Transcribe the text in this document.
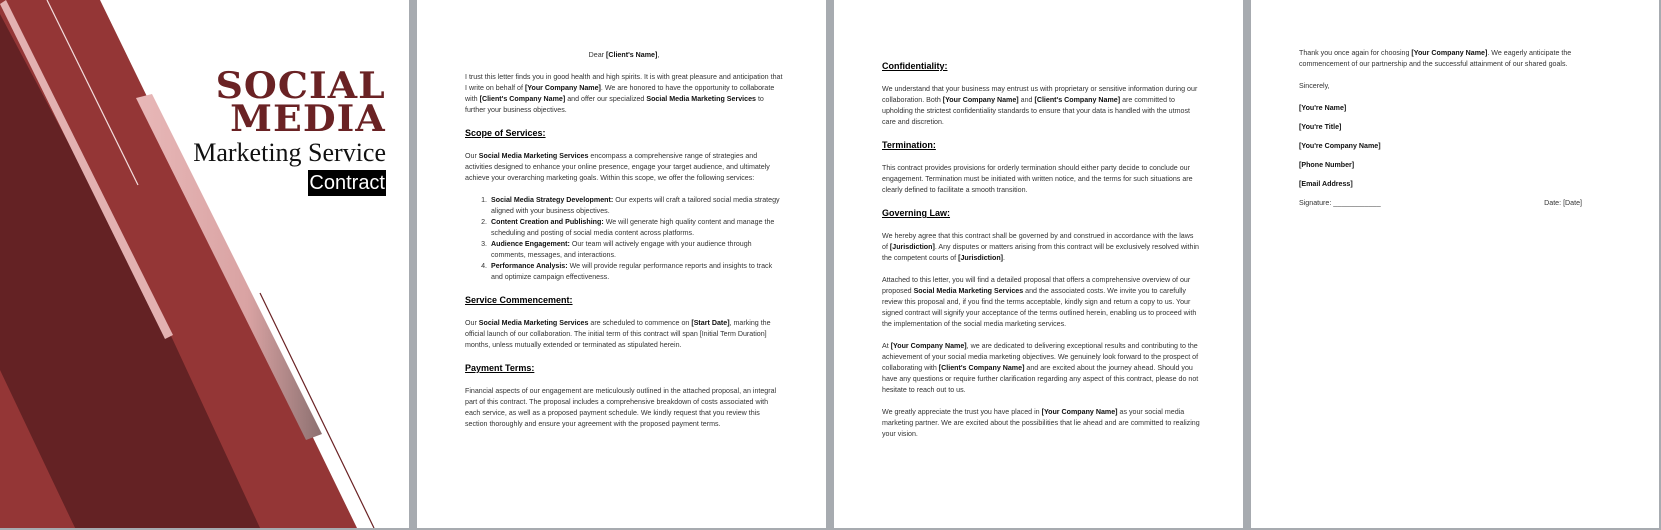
SOCIAL
MEDIA
Marketing Service
Contract

Dear [Client's Name],

I trust this letter finds you in good health and high spirits. It is with great pleasure and anticipation that I write on behalf of [Your Company Name]. We are honored to have the opportunity to collaborate with [Client's Company Name] and offer our specialized Social Media Marketing Services to further your business objectives.

Scope of Services:

Our Social Media Marketing Services encompass a comprehensive range of strategies and activities designed to enhance your online presence, engage your target audience, and ultimately achieve your overarching marketing goals. Within this scope, we offer the following services:

1. Social Media Strategy Development: Our experts will craft a tailored social media strategy aligned with your business objectives.
2. Content Creation and Publishing: We will generate high quality content and manage the scheduling and posting of social media content across platforms.
3. Audience Engagement: Our team will actively engage with your audience through comments, messages, and interactions.
4. Performance Analysis: We will provide regular performance reports and insights to track and optimize campaign effectiveness.
Service Commencement:

Our Social Media Marketing Services are scheduled to commence on [Start Date], marking the official launch of our collaboration. The initial term of this contract will span [Initial Term Duration] months, unless mutually extended or terminated as stipulated herein.

Payment Terms:

Financial aspects of our engagement are meticulously outlined in the attached proposal, an integral part of this contract. The proposal includes a comprehensive breakdown of costs associated with each service, as well as a proposed payment schedule. We kindly request that you review this section thoroughly and ensure your agreement with the proposed payment terms.

Confidentiality:

We understand that your business may entrust us with proprietary or sensitive information during our collaboration. Both [Your Company Name] and [Client's Company Name] are committed to upholding the strictest confidentiality standards to ensure that your data is handled with the utmost care and discretion.

Termination:

This contract provides provisions for orderly termination should either party decide to conclude our engagement. Termination must be initiated with written notice, and the terms for such situations are clearly defined to facilitate a smooth transition.

Governing Law:

We hereby agree that this contract shall be governed by and construed in accordance with the laws of [Jurisdiction]. Any disputes or matters arising from this contract will be exclusively resolved within the competent courts of [Jurisdiction].

Attached to this letter, you will find a detailed proposal that offers a comprehensive overview of our proposed Social Media Marketing Services and the associated costs. We invite you to carefully review this proposal and, if you find the terms acceptable, kindly sign and return a copy to us. Your signed contract will signify your acceptance of the terms outlined herein, enabling us to proceed with the implementation of the social media marketing services.

At [Your Company Name], we are dedicated to delivering exceptional results and contributing to the achievement of your social media marketing objectives. We genuinely look forward to the prospect of collaborating with [Client's Company Name] and are excited about the journey ahead. Should you have any questions or require further clarification regarding any aspect of this contract, please do not hesitate to reach out to us.

We greatly appreciate the trust you have placed in [Your Company Name] as your social media marketing partner. We are excited about the possibilities that lie ahead and are committed to realizing your vision.

Thank you once again for choosing [Your Company Name]. We eagerly anticipate the commencement of our partnership and the successful attainment of our shared goals.

Sincerely,

[You're Name]

[You're Title]

[You're Company Name]

[Phone Number]

[Email Address]

Signature: ____________	Date: [Date]
